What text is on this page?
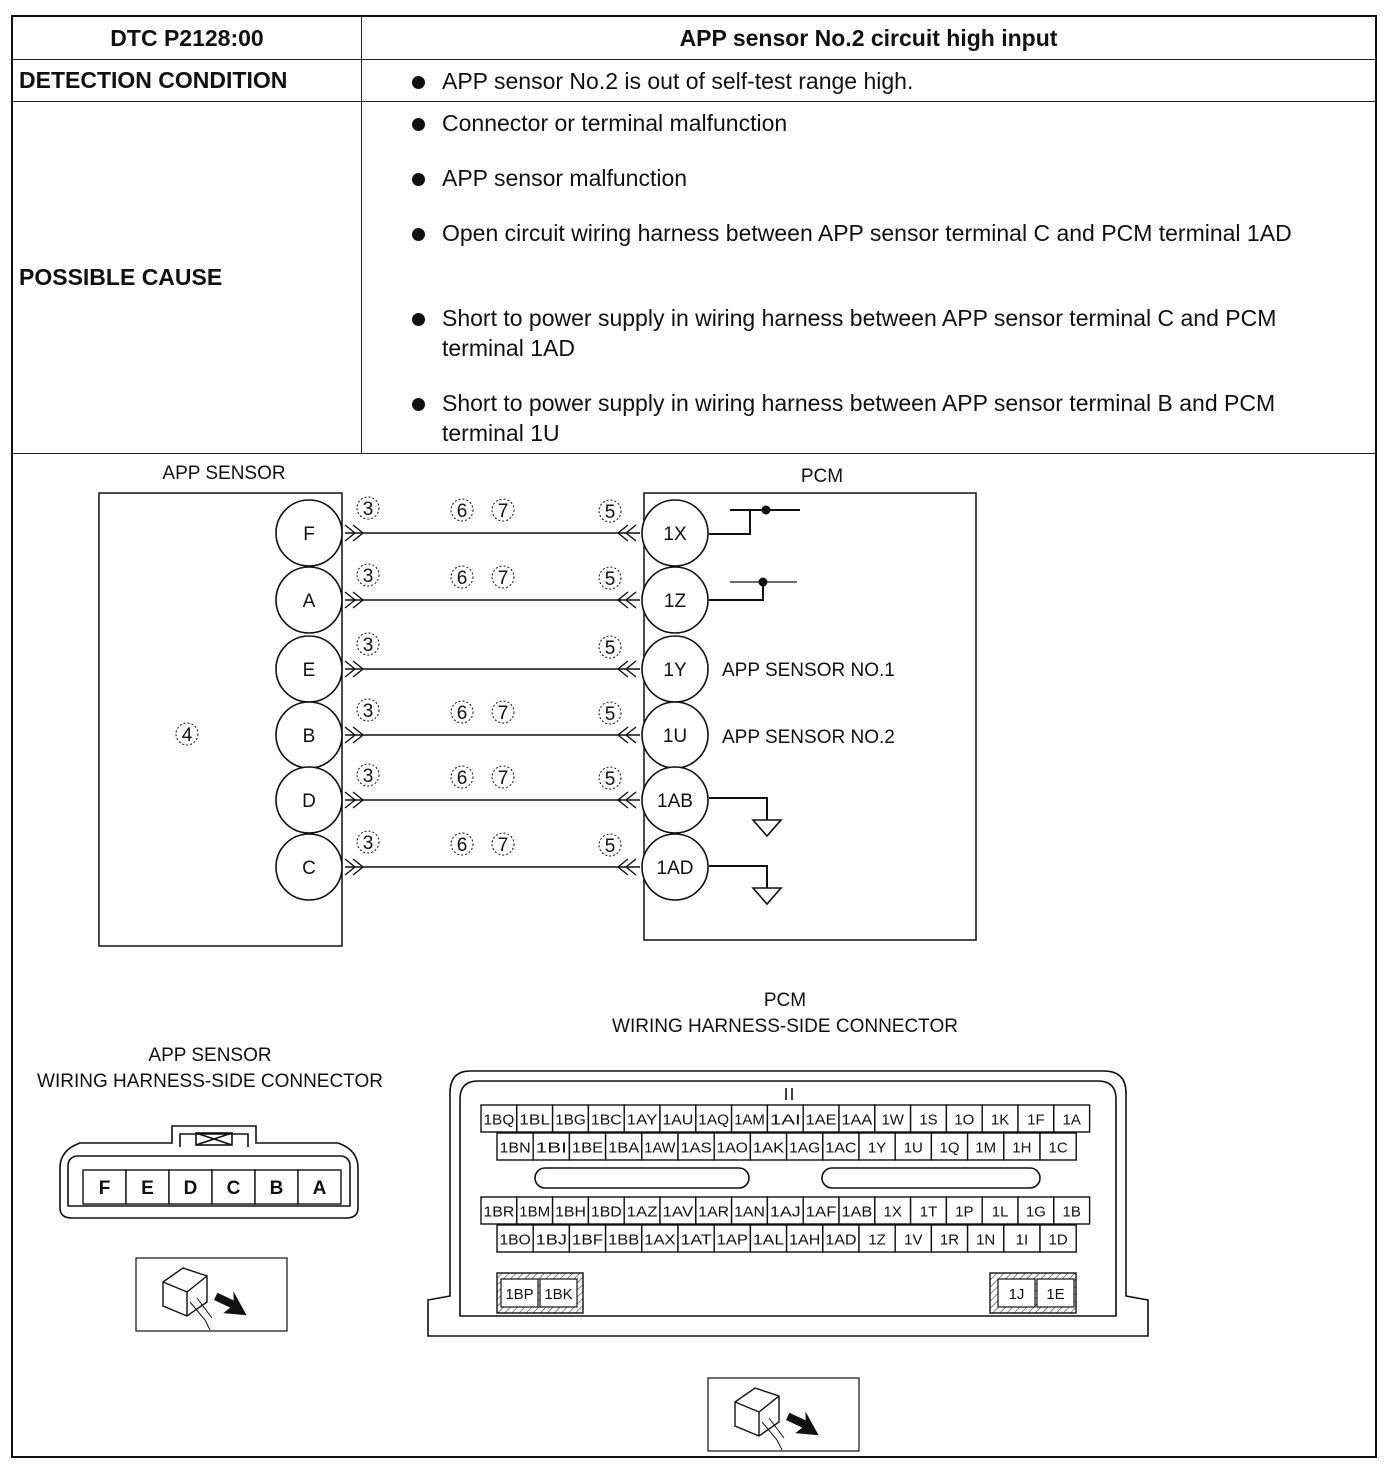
DTC P2128:00	APP sensor No.2 circuit high input
DETECTION CONDITION	APP sensor No.2 is out of self-test range high.
POSSIBLE CAUSE
Connector or terminal malfunction
APP sensor malfunction
Open circuit wiring harness between APP sensor terminal C and PCM terminal 1AD
Short to power supply in wiring harness between APP sensor terminal C and PCM terminal 1AD
Short to power supply in wiring harness between APP sensor terminal B and PCM terminal 1U
APP SENSOR
4
PCM
F	1X
3	6 7	5
A	1Z
3	6 7	5
E	1Y
3	5
B	1U
3	6 7	5
D	1AB
3	6 7	5
C	1AD
3	6 7	5
APP SENSOR NO.1
APP SENSOR NO.2
APP SENSOR
WIRING HARNESS-SIDE CONNECTOR
F E D C B A
PCM
WIRING HARNESS-SIDE CONNECTOR
1BQ 1BL 1BG 1BC 1AY 1AU 1AQ 1AM 1AI 1AE 1AA 1W 1S 1O 1K 1F 1A
1BN 1BI 1BE 1BA 1AW 1AS 1AO 1AK 1AG 1AC 1Y 1U 1Q 1M 1H 1C
1BR 1BM 1BH 1BD 1AZ 1AV 1AR 1AN 1AJ 1AF 1AB 1X 1T 1P 1L 1G 1B
1BO 1BJ 1BF 1BB 1AX 1AT 1AP 1AL 1AH 1AD 1Z 1V 1R 1N 1I 1D
1BP 1BK	1J 1E
